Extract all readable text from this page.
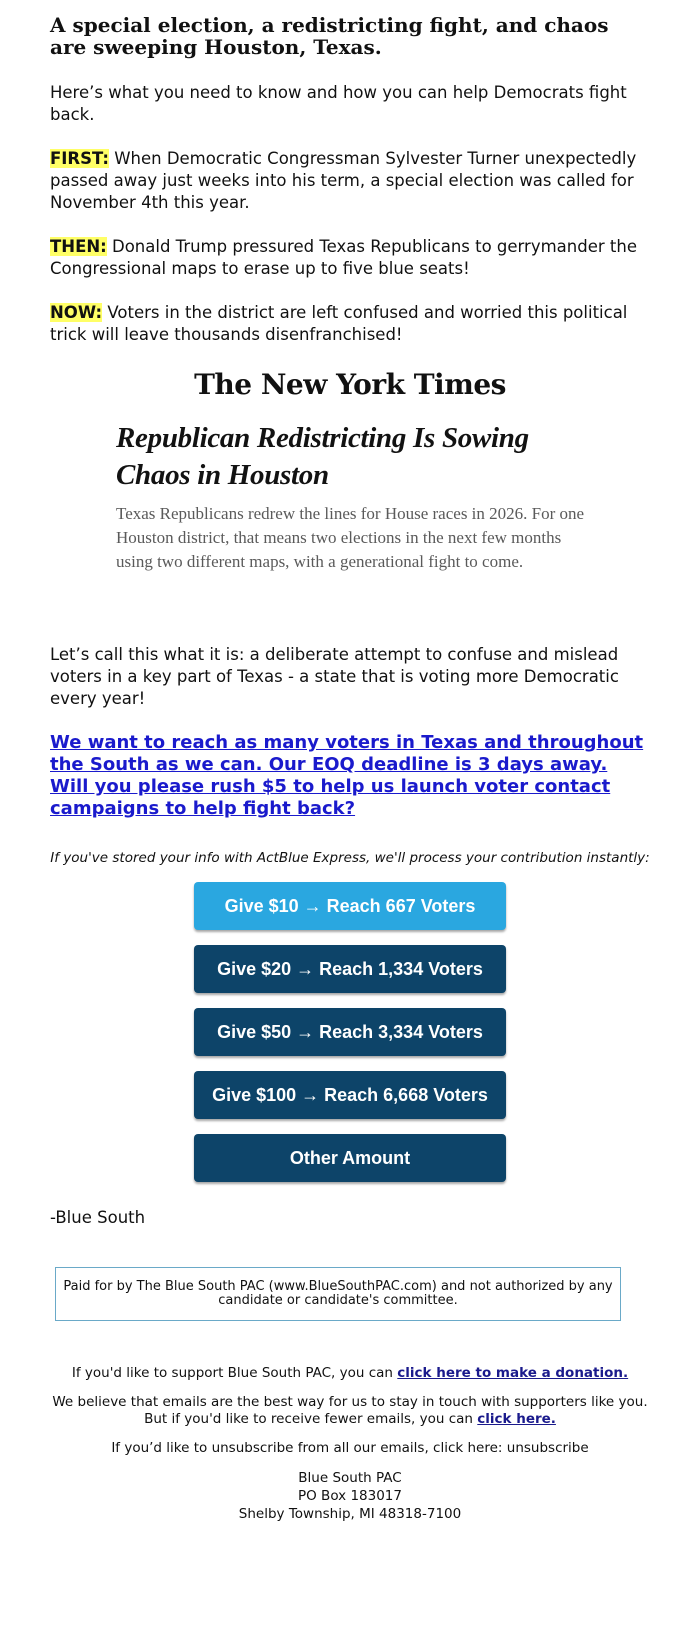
A special election, a redistricting fight, and chaos are sweeping Houston, Texas.

Here’s what you need to know and how you can help Democrats fight back.

FIRST: When Democratic Congressman Sylvester Turner unexpectedly passed away just weeks into his term, a special election was called for November 4th this year.

THEN: Donald Trump pressured Texas Republicans to gerrymander the Congressional maps to erase up to five blue seats!

NOW: Voters in the district are left confused and worried this political trick will leave thousands disenfranchised!

The New York Times
Republican Redistricting Is Sowing Chaos in Houston
Texas Republicans redrew the lines for House races in 2026. For one Houston district, that means two elections in the next few months using two different maps, with a generational fight to come.

Let’s call this what it is: a deliberate attempt to confuse and mislead voters in a key part of Texas - a state that is voting more Democratic every year!

We want to reach as many voters in Texas and throughout the South as we can. Our EOQ deadline is 3 days away. Will you please rush $5 to help us launch voter contact campaigns to help fight back?
If you've stored your info with ActBlue Express, we'll process your contribution instantly:
Give $10 → Reach 667 Voters
Give $20 → Reach 1,334 Voters
Give $50 → Reach 3,334 Voters
Give $100 → Reach 6,668 Voters
Other Amount
-Blue South
Paid for by The Blue South PAC (www.BlueSouthPAC.com) and not authorized by any candidate or candidate's committee.

If you'd like to support Blue South PAC, you can click here to make a donation.

We believe that emails are the best way for us to stay in touch with supporters like you. But if you'd like to receive fewer emails, you can click here.

If you’d like to unsubscribe from all our emails, click here: unsubscribe

Blue South PAC
PO Box 183017
Shelby Township, MI 48318-7100
